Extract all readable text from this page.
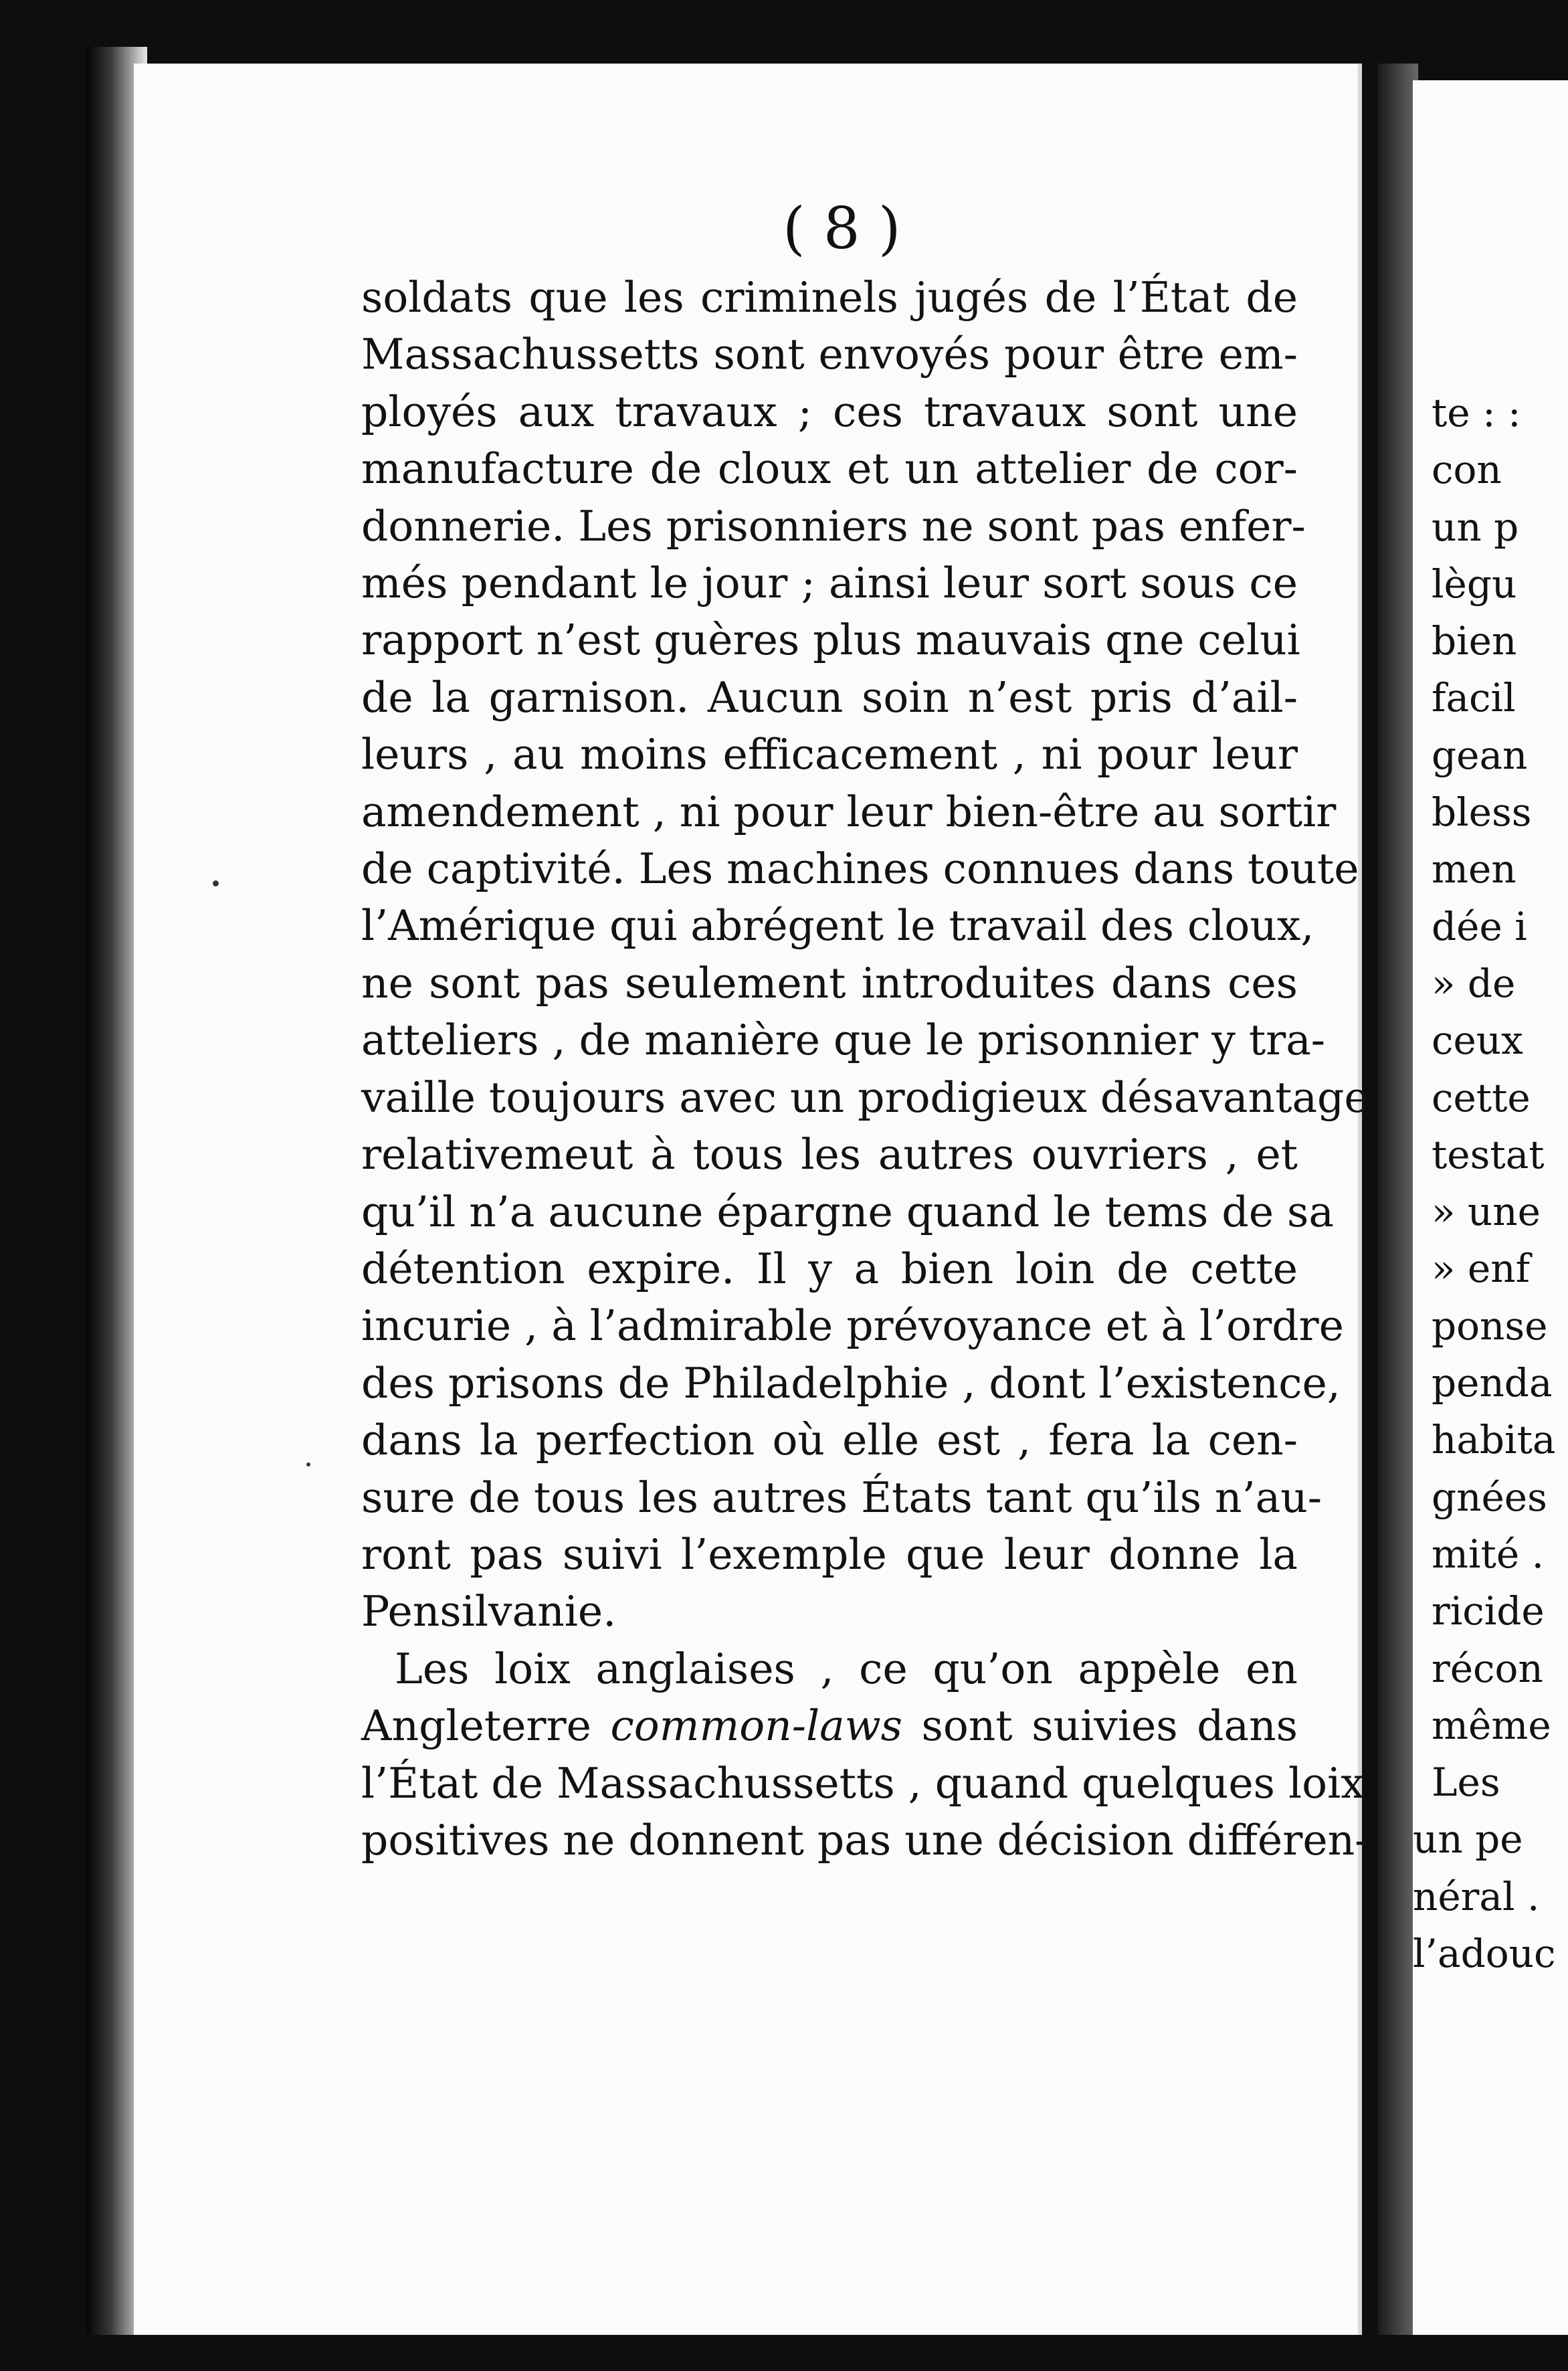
( 8 )
soldats que les criminels jugés de l’État de
Massachussetts sont envoyés pour être em-
ployés aux travaux ; ces travaux sont une
manufacture de cloux et un attelier de cor-
donnerie. Les prisonniers ne sont pas enfer-
més pendant le jour ; ainsi leur sort sous ce
rapport n’est guères plus mauvais qne celui
de la garnison. Aucun soin n’est pris d’ail-
leurs , au moins efficacement , ni pour leur
amendement , ni pour leur bien-être au sortir
de captivité. Les machines connues dans toute
l’Amérique qui abrégent le travail des cloux,
ne sont pas seulement introduites dans ces
atteliers , de manière que le prisonnier y tra-
vaille toujours avec un prodigieux désavantage
relativemeut à tous les autres ouvriers , et
qu’il n’a aucune épargne quand le tems de sa
détention expire. Il y a bien loin de cette
incurie , à l’admirable prévoyance et à l’ordre
des prisons de Philadelphie , dont l’existence,
dans la perfection où elle est , fera la cen-
sure de tous les autres États tant qu’ils n’au-
ront pas suivi l’exemple que leur donne la
Pensilvanie.
Les loix anglaises , ce qu’on appèle en
Angleterre common-laws sont suivies dans
l’État de Massachussetts , quand quelques loix
positives ne donnent pas une décision différen-
te : :
con
un p
lègu
bien
facil
gean
bless
men
dée i
» de
ceux
cette
testat
» une
» enf
ponse
penda
habita
gnées
mité .
ricide
récon
même
Les
un pe
néral .
l’adouc
